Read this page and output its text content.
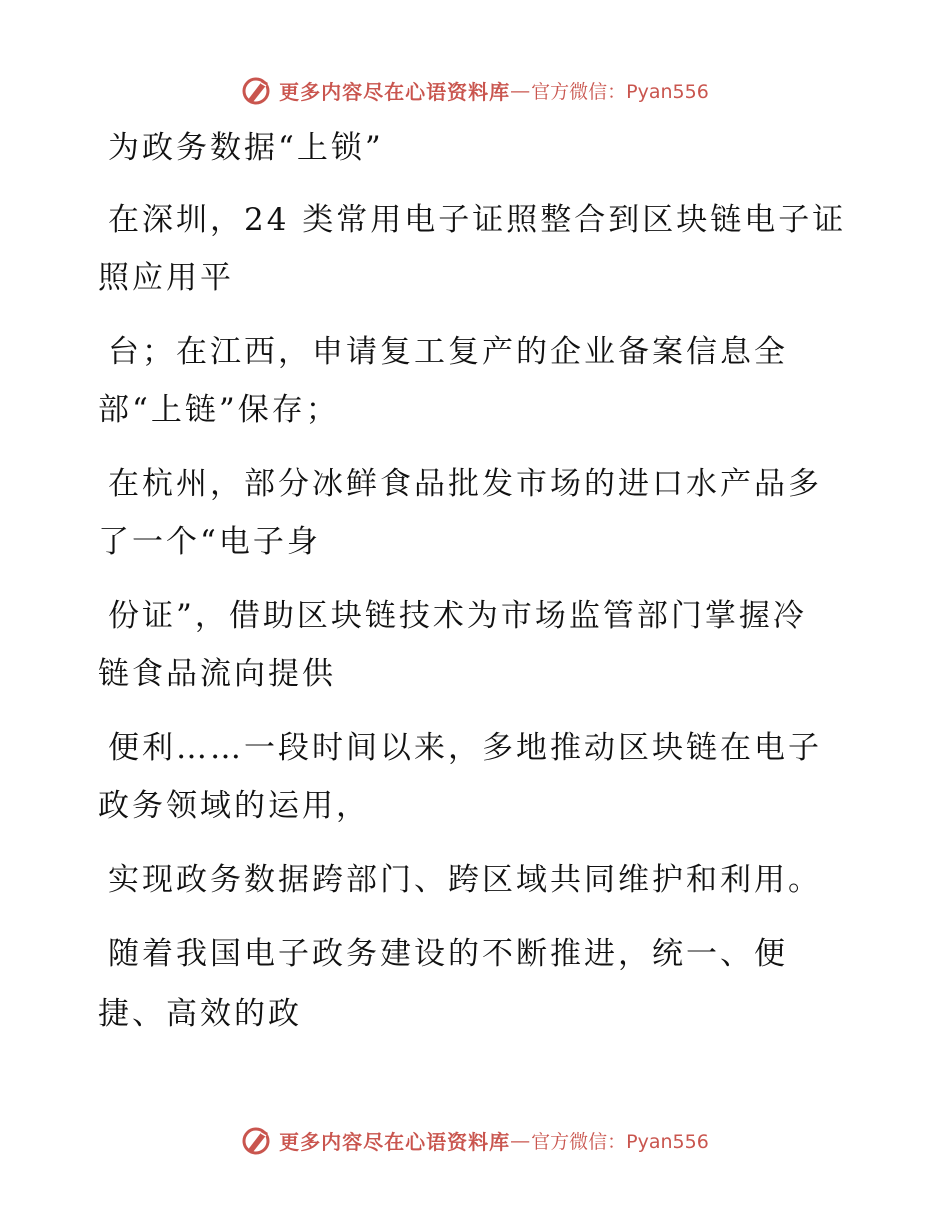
更多内容尽在心语资料库 — 官方微信：Pyan556

为政务数据“上锁”

在深圳，24 类常用电子证照整合到区块链电子证

照应用平

台；在江西，申请复工复产的企业备案信息全

部“上链”保存；

在杭州，部分冰鲜食品批发市场的进口水产品多

了一个“电子身

份证”，借助区块链技术为市场监管部门掌握冷

链食品流向提供

便利……一段时间以来，多地推动区块链在电子

政务领域的运用，

实现政务数据跨部门、跨区域共同维护和利用。

随着我国电子政务建设的不断推进，统一、便

捷、高效的政

更多内容尽在心语资料库 — 官方微信：Pyan556
